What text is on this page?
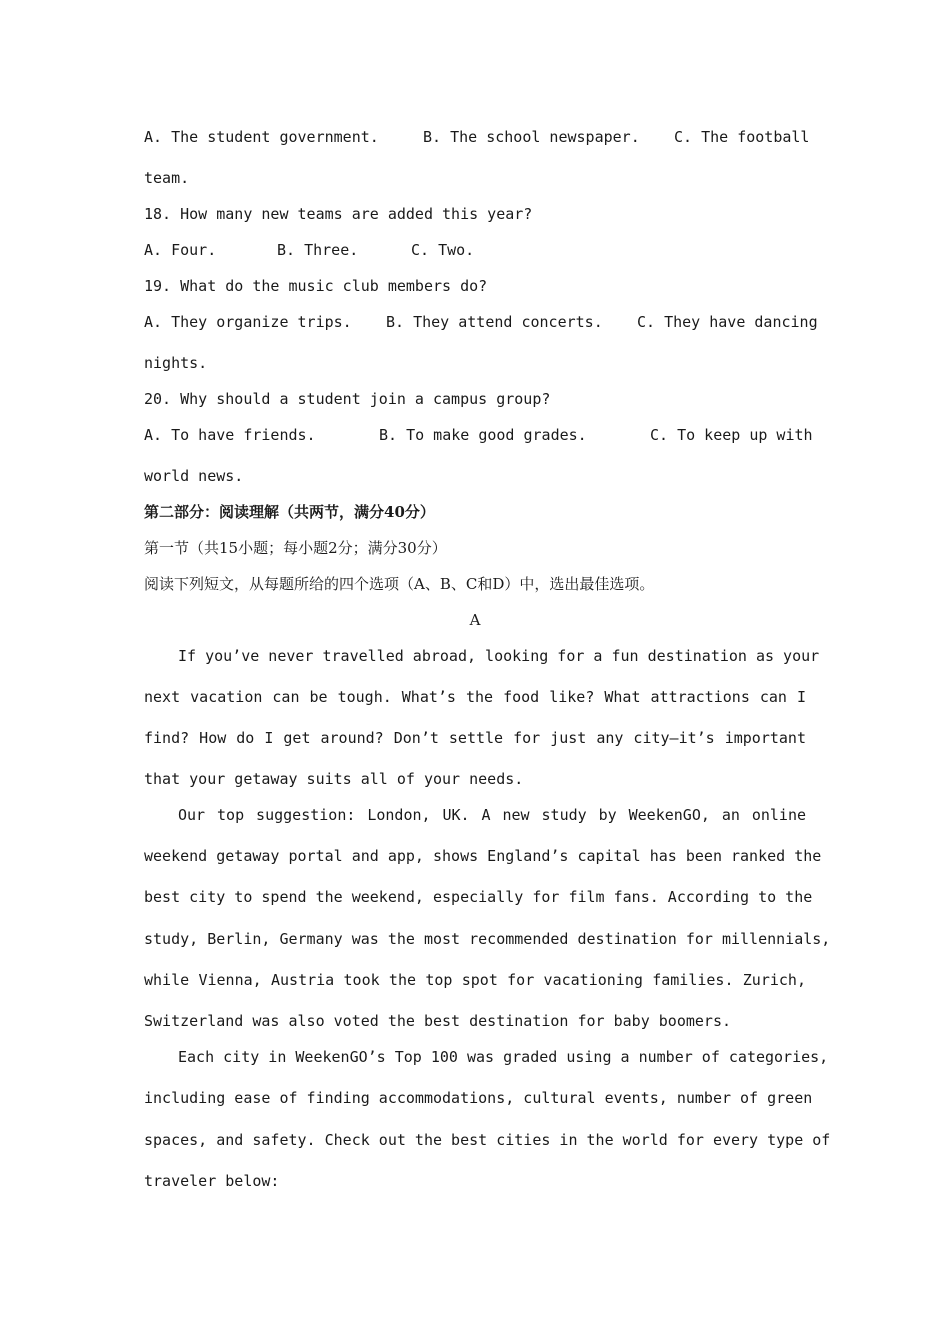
A. The student government.	B. The school newspaper. C. The football
team.
18. How many new teams are added this year?
A. Four.	B. Three.	C. Two.
19. What do the music club members do?
A. They organize trips. B. They attend concerts. C. They have dancing
nights.
20. Why should a student join a campus group?
A. To have friends.	B. To make good grades.	C. To keep up with
world news.
第二部分：阅读理解（共两节，满分40分）
第一节（共15小题；每小题2分；满分30分）
阅读下列短文，从每题所给的四个选项（A、B、C和D）中，选出最佳选项。
A
If you’ve never travelled abroad, looking for a fun destination as your
next vacation can be tough. What’s the food like? What attractions can I
find? How do I get around? Don’t settle for just any city—it’s important
that your getaway suits all of your needs.
Our top suggestion: London, UK. A new study by WeekenGO, an online
weekend getaway portal and app, shows England’s capital has been ranked the
best city to spend the weekend, especially for film fans. According to the
study, Berlin, Germany was the most recommended destination for millennials,
while Vienna, Austria took the top spot for vacationing families. Zurich,
Switzerland was also voted the best destination for baby boomers.
Each city in WeekenGO’s Top 100 was graded using a number of categories,
including ease of finding accommodations, cultural events, number of green
spaces, and safety. Check out the best cities in the world for every type of
traveler below:
